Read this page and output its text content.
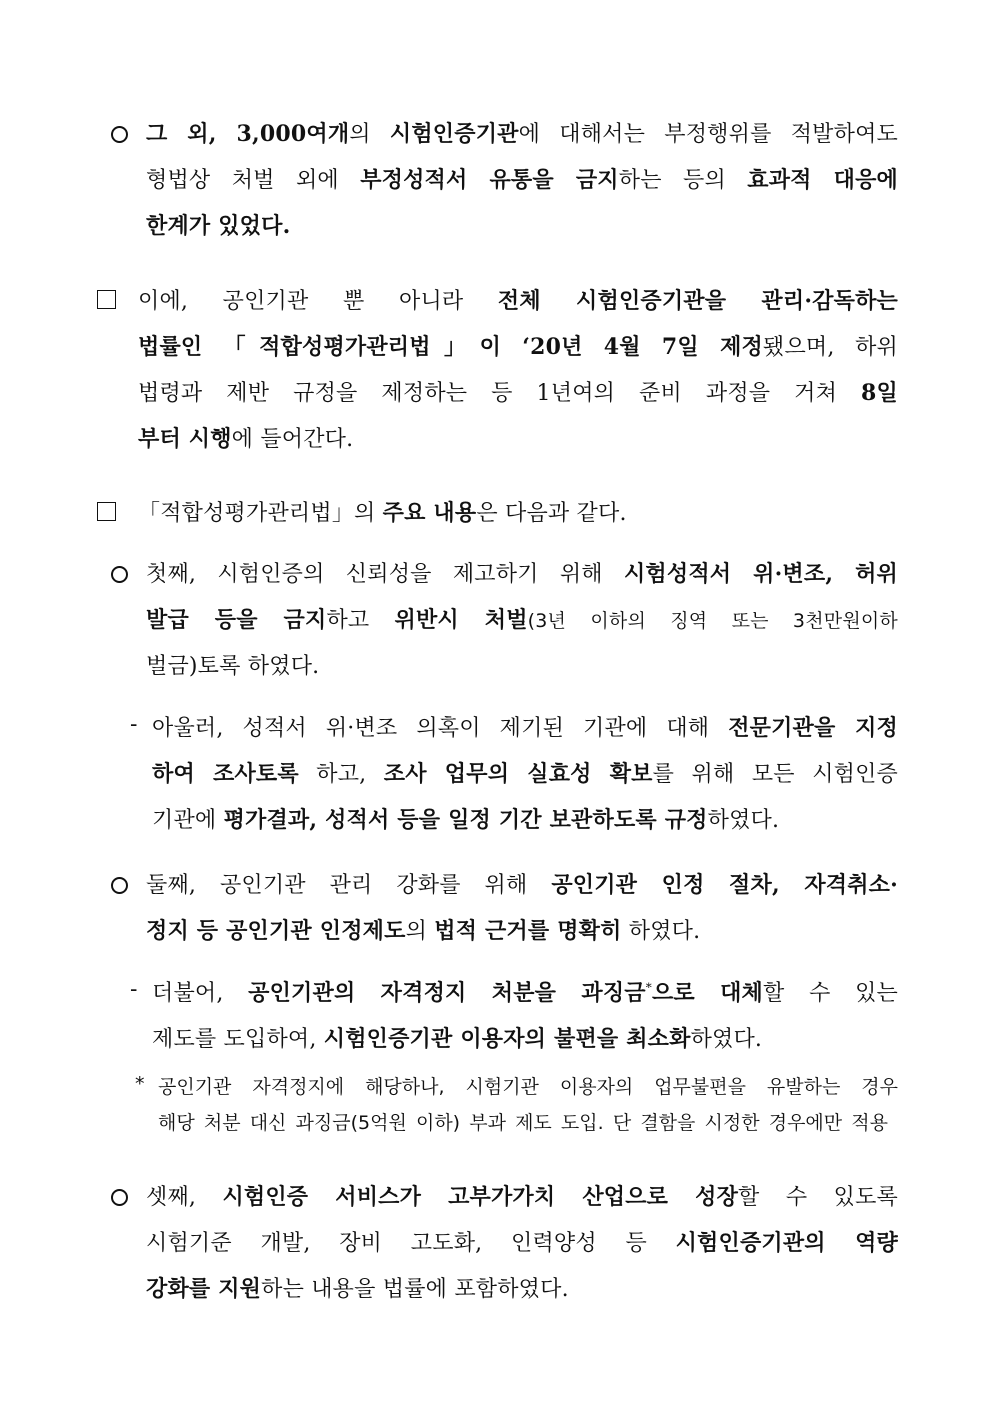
그 외, 3,000여개의 시험인증기관에 대해서는 부정행위를 적발하여도
형법상 처벌 외에 부정성적서 유통을 금지하는 등의 효과적 대응에
한계가 있었다.
이에, 공인기관 뿐 아니라 전체 시험인증기관을 관리·감독하는
법률인 「적합성평가관리법」이 ‘20년 4월 7일 제정됐으며, 하위
법령과 제반 규정을 제정하는 등 1년여의 준비 과정을 거쳐 8일
부터 시행에 들어간다.
「적합성평가관리법」의 주요 내용은 다음과 같다.
첫째, 시험인증의 신뢰성을 제고하기 위해 시험성적서 위·변조, 허위
발급 등을 금지하고 위반시 처벌(3년 이하의 징역 또는 3천만원이하
벌금)토록 하였다.
- 아울러, 성적서 위·변조 의혹이 제기된 기관에 대해 전문기관을 지정
하여 조사토록 하고, 조사 업무의 실효성 확보를 위해 모든 시험인증
기관에 평가결과, 성적서 등을 일정 기간 보관하도록 규정하였다.
둘째, 공인기관 관리 강화를 위해 공인기관 인정 절차, 자격취소·
정지 등 공인기관 인정제도의 법적 근거를 명확히 하였다.
- 더불어, 공인기관의 자격정지 처분을 과징금*으로 대체할 수 있는
제도를 도입하여, 시험인증기관 이용자의 불편을 최소화하였다.
* 공인기관 자격정지에 해당하나, 시험기관 이용자의 업무불편을 유발하는 경우
해당 처분 대신 과징금(5억원 이하) 부과 제도 도입. 단 결함을 시정한 경우에만 적용
셋째, 시험인증 서비스가 고부가가치 산업으로 성장할 수 있도록
시험기준 개발, 장비 고도화, 인력양성 등 시험인증기관의 역량
강화를 지원하는 내용을 법률에 포함하였다.
